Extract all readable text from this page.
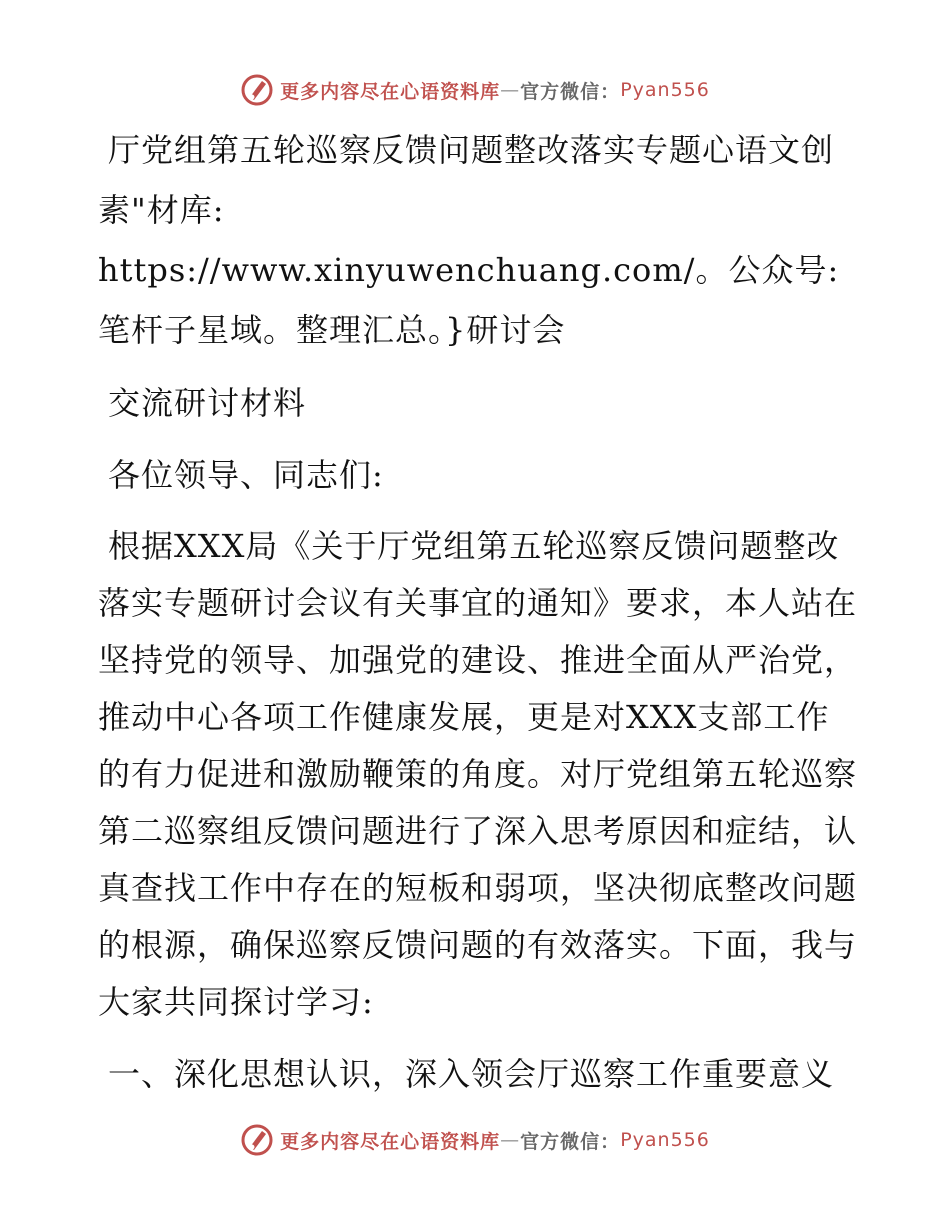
更多内容尽在心语资料库 — 官方微信： Pyan556

厅党组第五轮巡察反馈问题整改落实专题心语文创素"材库: https://www.xinyuwenchuang.com/。公众号: 笔杆子星域。整理汇总。}研讨会

交流研讨材料

各位领导、同志们:

根据XXX局《关于厅党组第五轮巡察反馈问题整改落实专题研讨会议有关事宜的通知》要求，本人站在坚持党的领导、加强党的建设、推进全面从严治党，推动中心各项工作健康发展，更是对XXX支部工作的有力促进和激励鞭策的角度。对厅党组第五轮巡察第二巡察组反馈问题进行了深入思考原因和症结，认真查找工作中存在的短板和弱项，坚决彻底整改问题的根源，确保巡察反馈问题的有效落实。下面，我与大家共同探讨学习:

一、深化思想认识，深入领会厅巡察工作重要意义

更多内容尽在心语资料库 — 官方微信： Pyan556
